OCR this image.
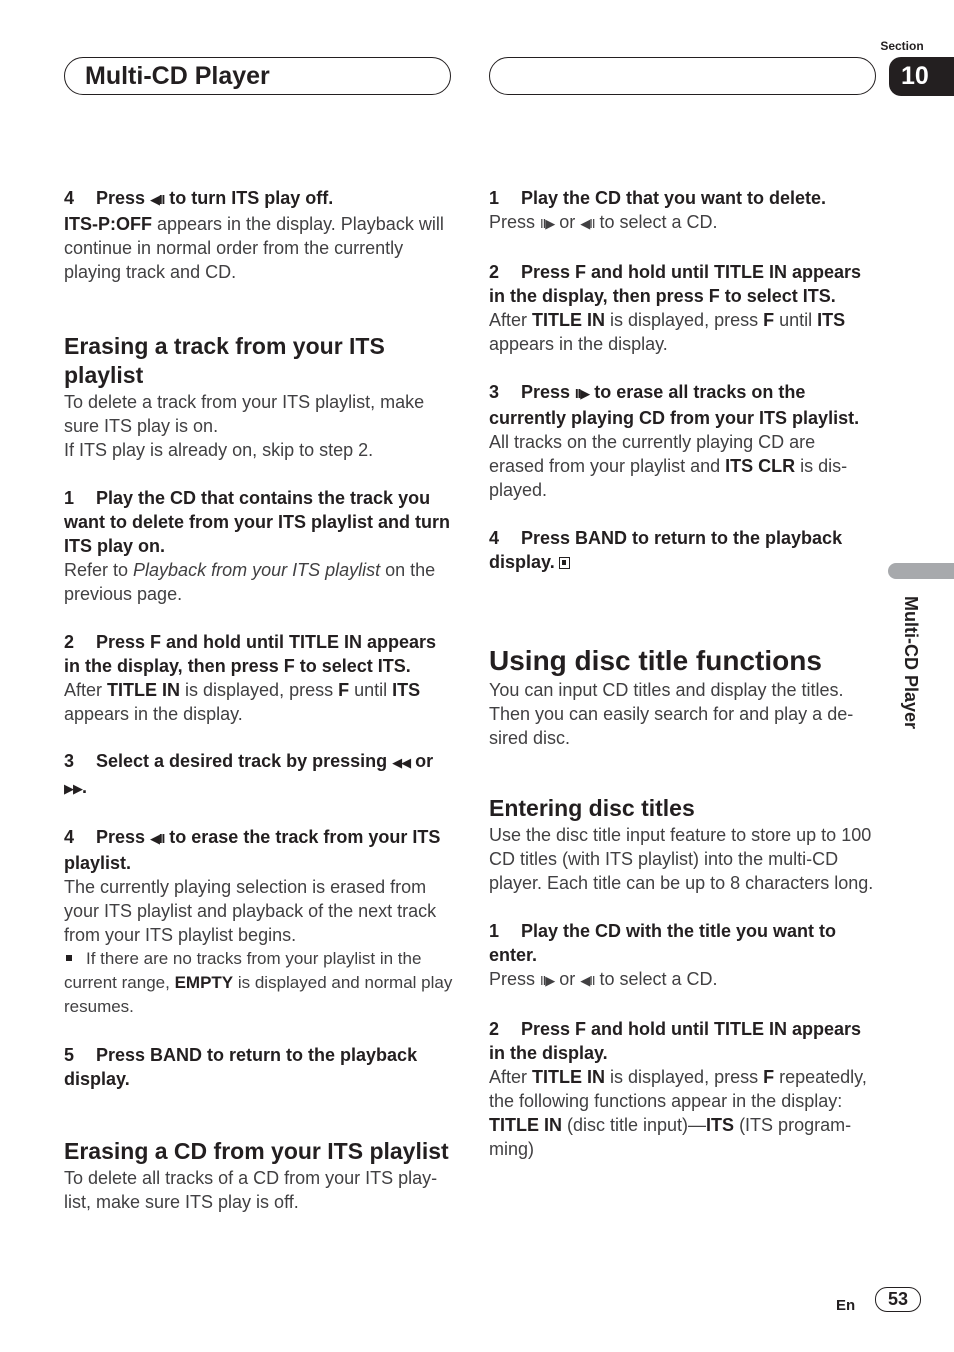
Multi-CD Player
Section
10
Multi-CD Player

4 Press ◀II to turn ITS play off.

ITS-P:OFF appears in the display. Playback will continue in normal order from the currently playing track and CD.

Erasing a track from your ITS playlist

To delete a track from your ITS playlist, make sure ITS play is on.

If ITS play is already on, skip to step 2.

1 Play the CD that contains the track you want to delete from your ITS playlist and turn ITS play on.

Refer to Playback from your ITS playlist on the previous page.

2 Press F and hold until TITLE IN appears in the display, then press F to select ITS.

After TITLE IN is displayed, press F until ITS appears in the display.

3 Select a desired track by pressing ◀◀ or ▶▶.

4 Press ◀II to erase the track from your ITS playlist.

The currently playing selection is erased from your ITS playlist and playback of the next track from your ITS playlist begins.

If there are no tracks from your playlist in the current range, EMPTY is displayed and normal play resumes.

5 Press BAND to return to the playback display.

Erasing a CD from your ITS playlist

To delete all tracks of a CD from your ITS play-list, make sure ITS play is off.

1 Play the CD that you want to delete.

Press II▶ or ◀II to select a CD.

2 Press F and hold until TITLE IN appears in the display, then press F to select ITS.

After TITLE IN is displayed, press F until ITS appears in the display.

3 Press II▶ to erase all tracks on the currently playing CD from your ITS playlist.

All tracks on the currently playing CD are erased from your playlist and ITS CLR is dis-played.

4 Press BAND to return to the playback display.

Using disc title functions

You can input CD titles and display the titles. Then you can easily search for and play a de-sired disc.

Entering disc titles

Use the disc title input feature to store up to 100 CD titles (with ITS playlist) into the multi-CD player. Each title can be up to 8 characters long.

1 Play the CD with the title you want to enter.

Press II▶ or ◀II to select a CD.

2 Press F and hold until TITLE IN appears in the display.

After TITLE IN is displayed, press F repeatedly, the following functions appear in the display: TITLE IN (disc title input)—ITS (ITS program-ming)

En	53
